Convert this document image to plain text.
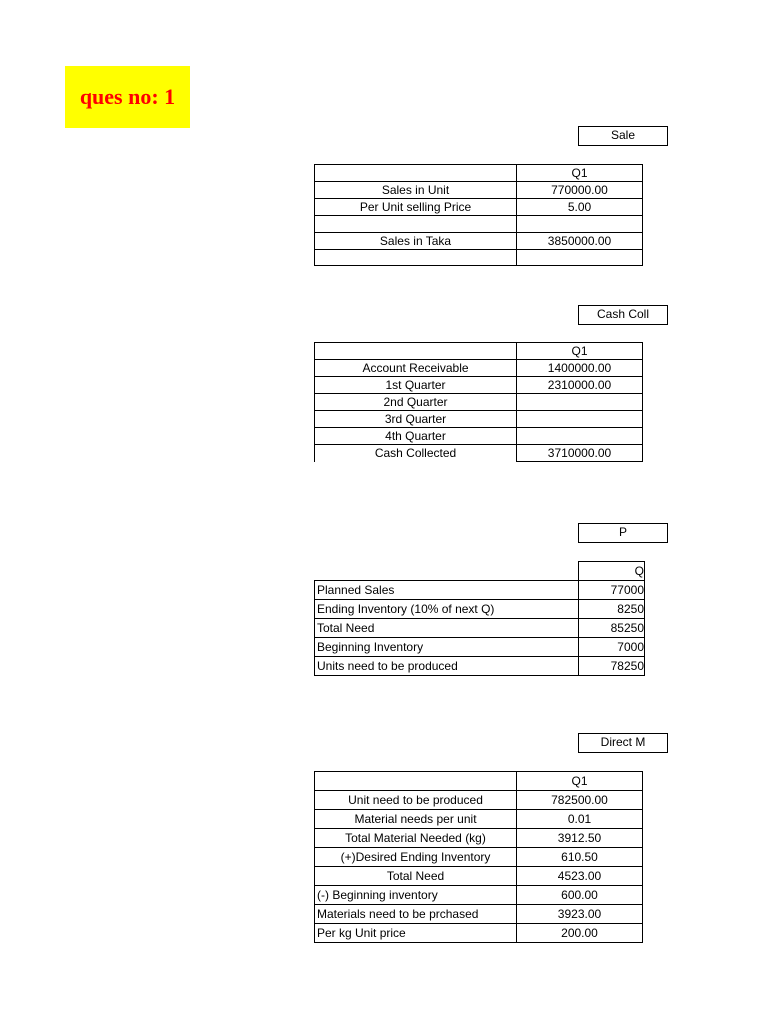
ques no: 1
Sale
	Q1
Sales in Unit	770000.00
Per Unit selling Price	5.00

Sales in Taka	3850000.00

Cash Coll
	Q1
Account Receivable	1400000.00
1st Quarter	2310000.00
2nd Quarter	
3rd Quarter	
4th Quarter	
Cash Collected	3710000.00
P
	Q
Planned Sales	77000
Ending Inventory (10% of next Q)	8250
Total Need	85250
Beginning Inventory	7000
Units need to be produced	78250
Direct M
	Q1
Unit need to be produced	782500.00
Material needs per unit	0.01
Total Material Needed (kg)	3912.50
(+)Desired Ending Inventory	610.50
Total Need	4523.00
(-) Beginning inventory	600.00
Materials need to be prchased	3923.00
Per kg Unit price	200.00
